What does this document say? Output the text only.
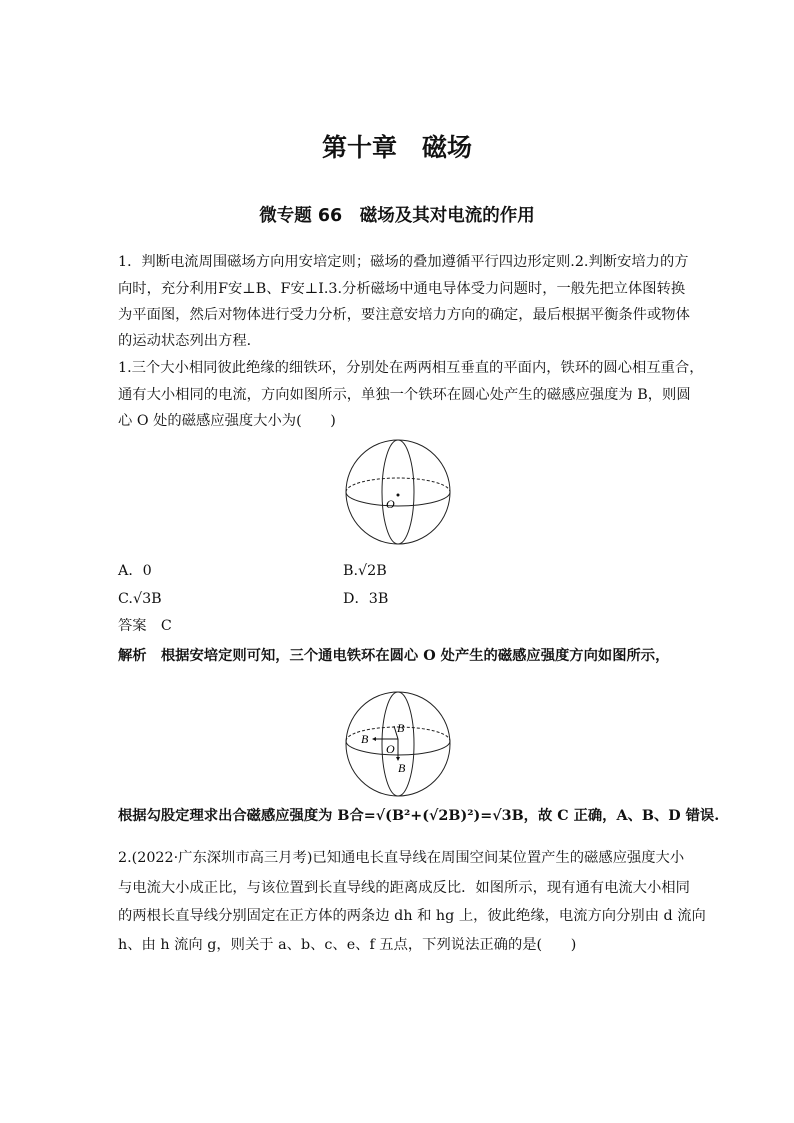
第十章　磁场
微专题 66　磁场及其对电流的作用
1．判断电流周围磁场方向用安培定则；磁场的叠加遵循平行四边形定则.2.判断安培力的方
向时，充分利用F安⊥B、F安⊥I.3.分析磁场中通电导体受力问题时，一般先把立体图转换
为平面图，然后对物体进行受力分析，要注意安培力方向的确定，最后根据平衡条件或物体
的运动状态列出方程．
1.三个大小相同彼此绝缘的细铁环，分别处在两两相互垂直的平面内，铁环的圆心相互重合，
通有大小相同的电流，方向如图所示，单独一个铁环在圆心处产生的磁感应强度为 B，则圆
心 O 处的磁感应强度大小为(　　)
O
A．0	B.√2B
C.√3B	D．3B
答案　C
解析　根据安培定则可知，三个通电铁环在圆心 O 处产生的磁感应强度方向如图所示，
B
B
B
O
根据勾股定理求出合磁感应强度为 B合=√(B²+(√2B)²)=√3B，故 C 正确，A、B、D 错误.
2.(2022·广东深圳市高三月考)已知通电长直导线在周围空间某位置产生的磁感应强度大小
与电流大小成正比，与该位置到长直导线的距离成反比．如图所示，现有通有电流大小相同
的两根长直导线分别固定在正方体的两条边 dh 和 hg 上，彼此绝缘，电流方向分别由 d 流向
h、由 h 流向 g，则关于 a、b、c、e、f 五点，下列说法正确的是(　　)
